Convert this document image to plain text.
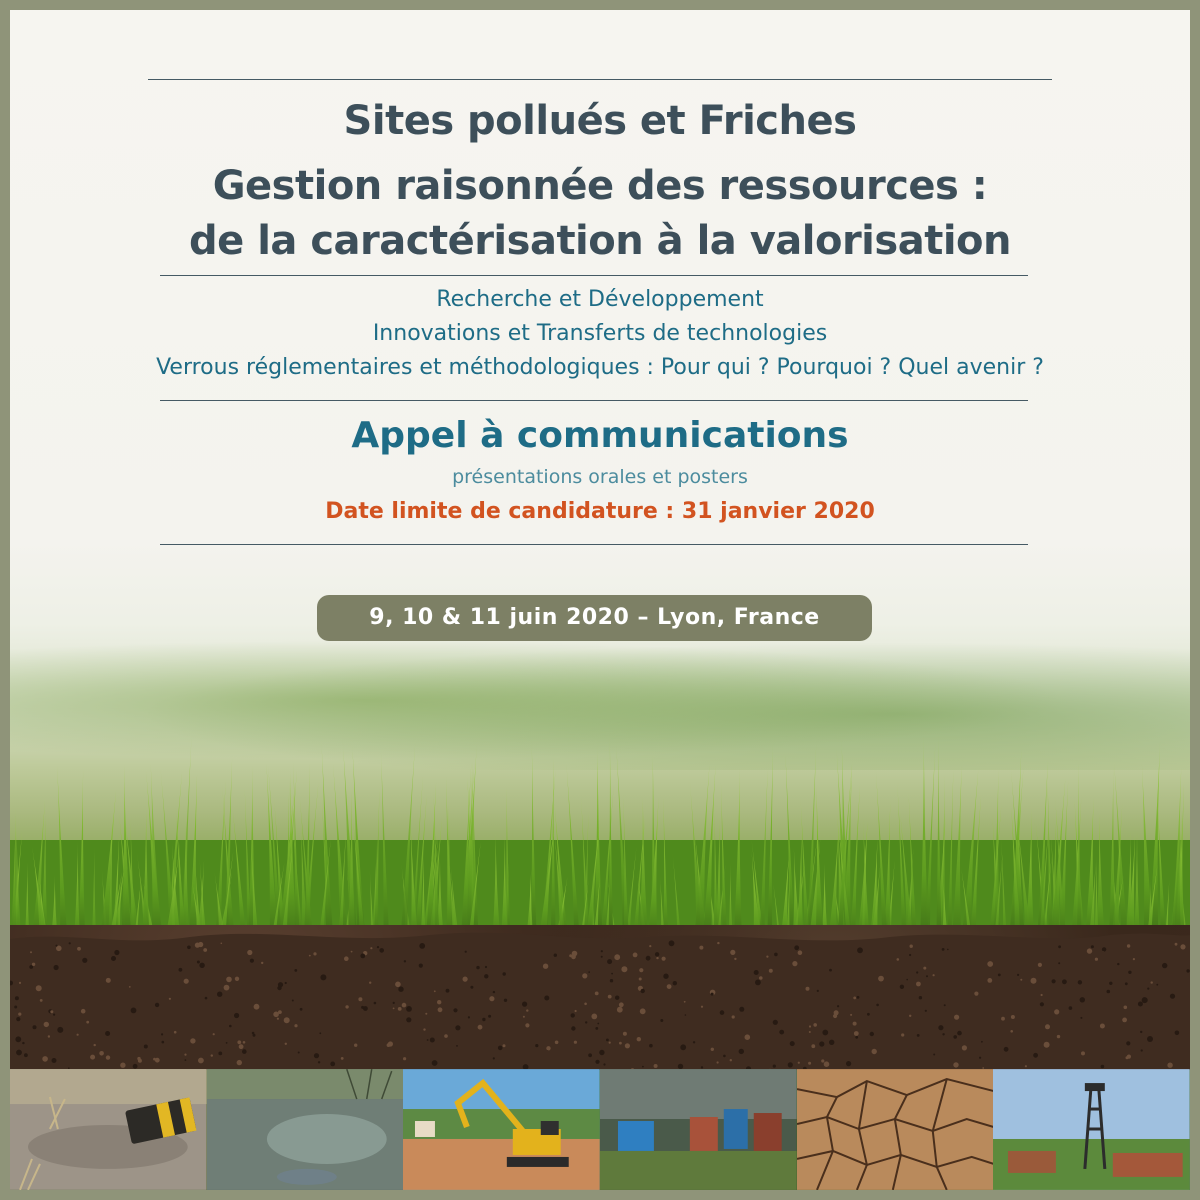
Sites pollués et Friches
Gestion raisonnée des ressources :
de la caractérisation à la valorisation

Recherche et Développement

Innovations et Transferts de technologies

Verrous réglementaires et méthodologiques : Pour qui ? Pourquoi ? Quel avenir ?

Appel à communications

présentations orales et posters

Date limite de candidature : 31 janvier 2020

9, 10 & 11 juin 2020 – Lyon, France
